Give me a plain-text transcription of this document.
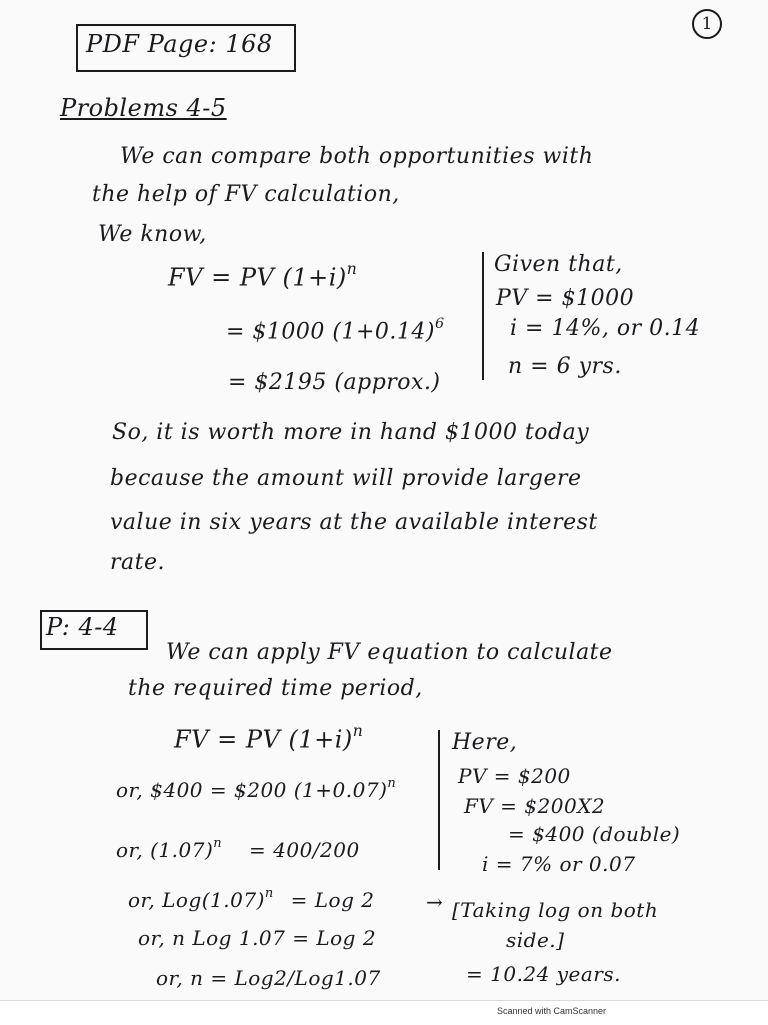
PDF Page: 168
1
Problems 4-5
We can compare both opportunities with
the help of FV calculation,
We know,
FV = PV $(1+i)^n$
= $1000 $(1+0.14)^6$
= $2195 (approx.)
Given that,
PV = $1000
i = 14%, or 0.14
n = 6 yrs.
So, it is worth more in hand $1000 today
because the amount will provide largere
value in six years at the available interest
rate.
P: 4-4
We can apply FV equation to calculate
the required time period,
FV = PV $(1+i)^n$
or, $400 = $200 $(1+0.07)^n$
or, $(1.07)^n = 400/200$
or, $Log(1.07)^n$ = Log 2	→ [Taking log on both
side.]
or, n Log 1.07 = Log 2
or, n = Log2/Log1.07	= 10.24 years.
Here,
PV = $200
FV = $200X2
= $400 (double)
i = 7% or 0.07
Scanned with CamScanner
